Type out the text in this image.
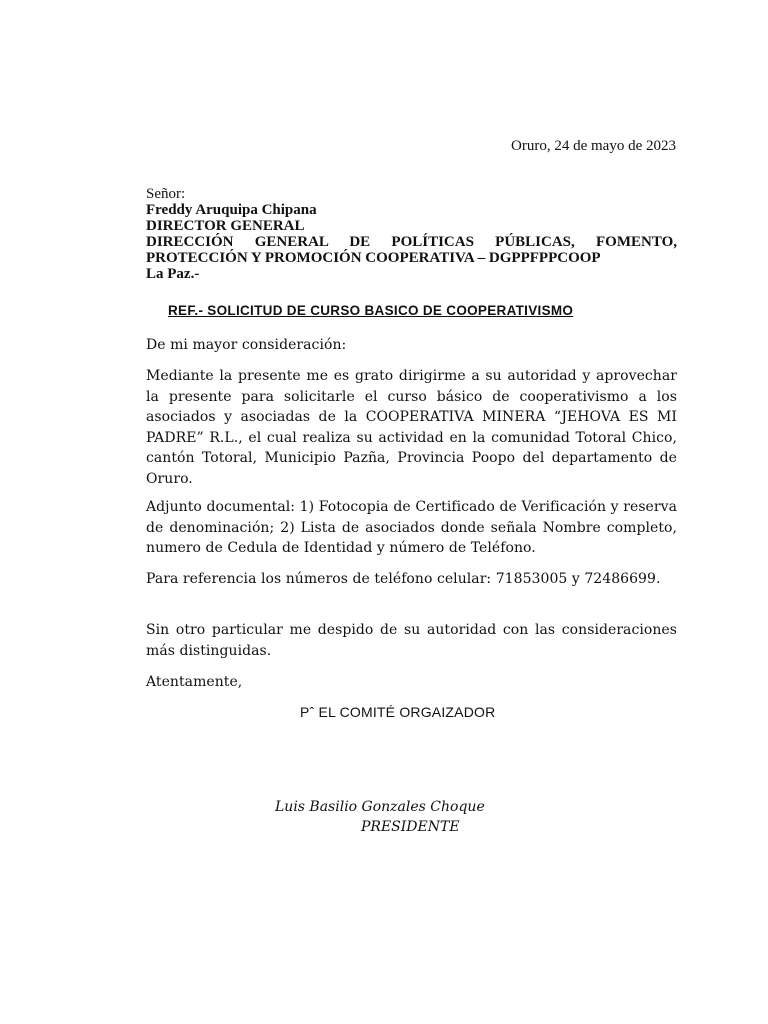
Oruro, 24 de mayo de 2023
Señor:
Freddy Aruquipa Chipana
DIRECTOR GENERAL
DIRECCIÓN GENERAL DE POLÍTICAS PÚBLICAS, FOMENTO,
PROTECCIÓN Y PROMOCIÓN COOPERATIVA – DGPPFPPCOOP
La Paz.-
REF.- SOLICITUD DE CURSO BASICO DE COOPERATIVISMO
De mi mayor consideración:
Mediante la presente me es grato dirigirme a su autoridad y aprovechar la presente para solicitarle el curso básico de cooperativismo a los asociados y asociadas de la COOPERATIVA MINERA “JEHOVA ES MI PADRE” R.L., el cual realiza su actividad en la comunidad Totoral Chico, cantón Totoral, Municipio Pazña, Provincia Poopo del departamento de Oruro.
Adjunto documental: 1) Fotocopia de Certificado de Verificación y reserva de denominación; 2) Lista de asociados donde señala Nombre completo, numero de Cedula de Identidad y número de Teléfono.
Para referencia los números de teléfono celular: 71853005 y 72486699.
Sin otro particular me despido de su autoridad con las consideraciones más distinguidas.
Atentamente,
Pˆ EL COMITÉ ORGAIZADOR
Luis Basilio Gonzales Choque
PRESIDENTE
